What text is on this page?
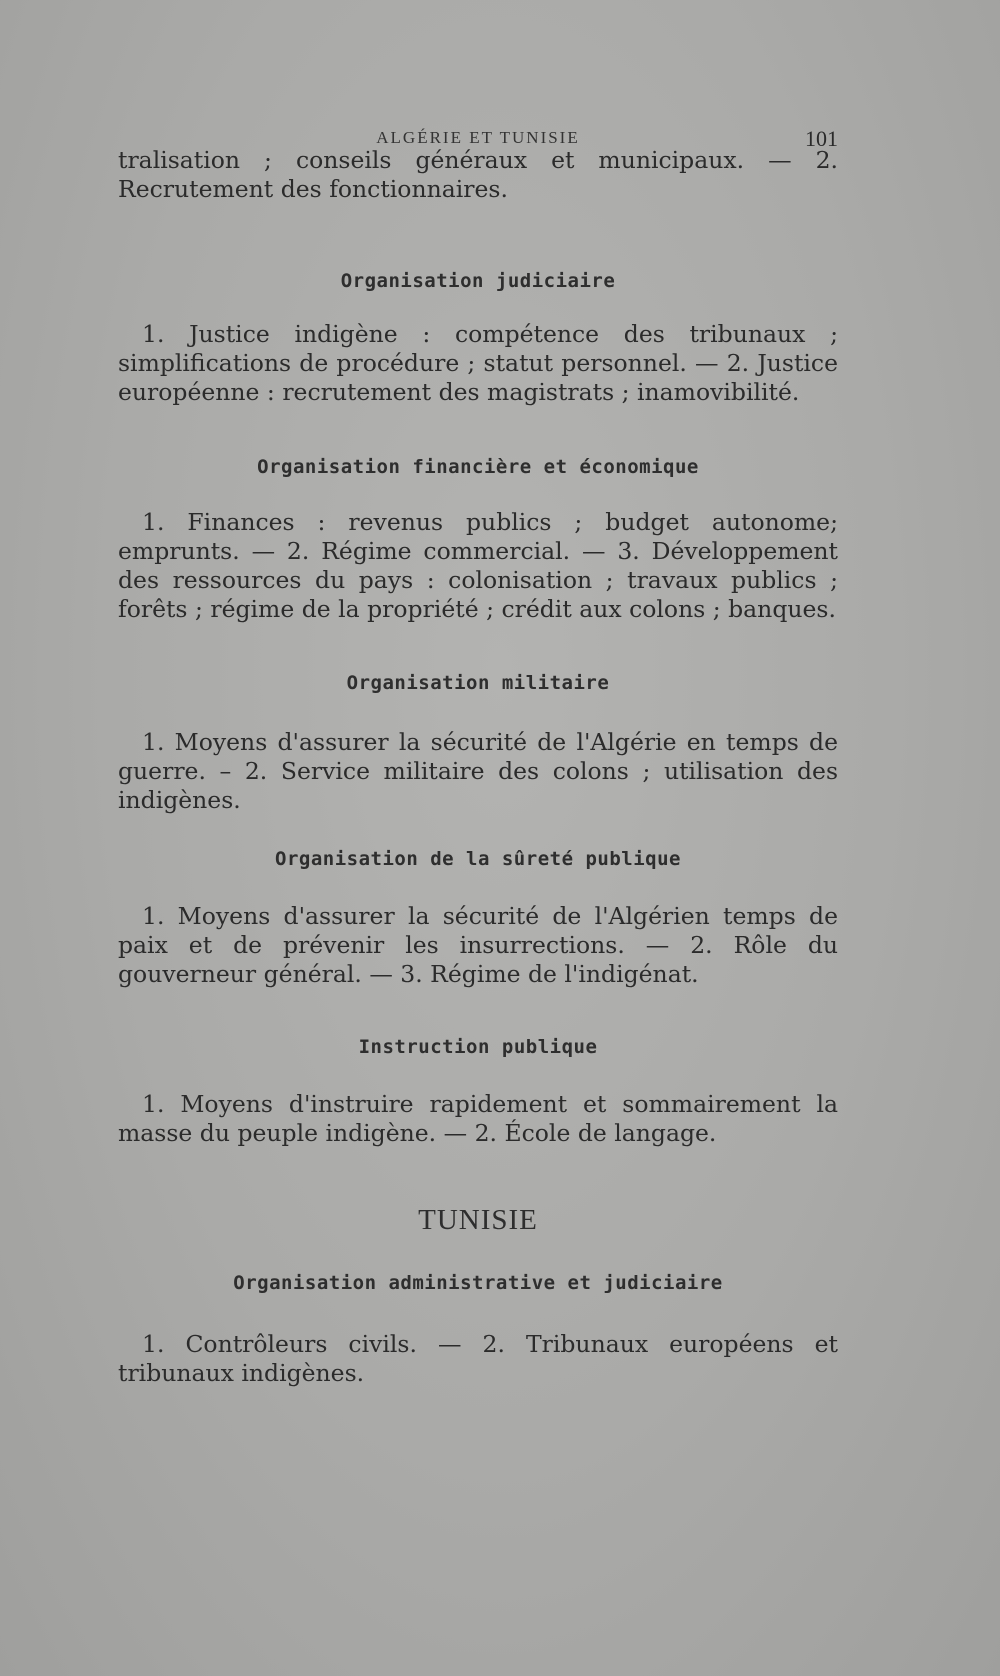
ALGÉRIE ET TUNISIE	101

tralisation ; conseils généraux et municipaux. — 2. Recrutement des fonctionnaires.

Organisation judiciaire

1. Justice indigène : compétence des tribunaux ; simplifications de procédure ; statut personnel. — 2. Justice européenne : recrutement des magistrats ; inamovibilité.

Organisation financière et économique

1. Finances : revenus publics ; budget autonome; emprunts. — 2. Régime commercial. — 3. Développement des ressources du pays : colonisation ; travaux publics ; forêts ; régime de la propriété ; crédit aux colons ; banques.

Organisation militaire

1. Moyens d'assurer la sécurité de l'Algérie en temps de guerre. – 2. Service militaire des colons ; utilisation des indigènes.

Organisation de la sûreté publique

1. Moyens d'assurer la sécurité de l'Algérien temps de paix et de prévenir les insurrections. — 2. Rôle du gouverneur général. — 3. Régime de l'indigénat.

Instruction publique

1. Moyens d'instruire rapidement et sommairement la masse du peuple indigène. — 2. École de langage.

TUNISIE
Organisation administrative et judiciaire

1. Contrôleurs civils. — 2. Tribunaux européens et tribunaux indigènes.
